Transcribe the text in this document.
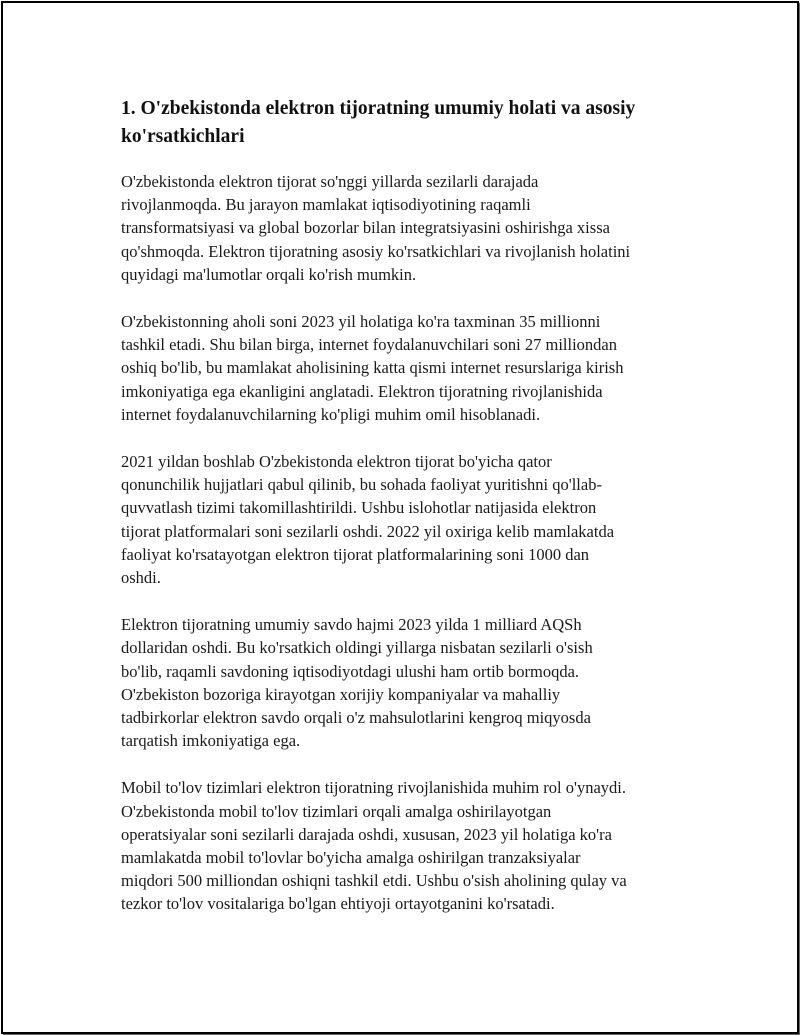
1. O'zbekistonda elektron tijoratning umumiy holati va asosiy ko'rsatkichlari

O'zbekistonda elektron tijorat so'nggi yillarda sezilarli darajada
rivojlanmoqda. Bu jarayon mamlakat iqtisodiyotining raqamli
transformatsiyasi va global bozorlar bilan integratsiyasini oshirishga xissa
qo'shmoqda. Elektron tijoratning asosiy ko'rsatkichlari va rivojlanish holatini
quyidagi ma'lumotlar orqali ko'rish mumkin.

O'zbekistonning aholi soni 2023 yil holatiga ko'ra taxminan 35 millionni
tashkil etadi. Shu bilan birga, internet foydalanuvchilari soni 27 milliondan
oshiq bo'lib, bu mamlakat aholisining katta qismi internet resurslariga kirish
imkoniyatiga ega ekanligini anglatadi. Elektron tijoratning rivojlanishida
internet foydalanuvchilarning ko'pligi muhim omil hisoblanadi.

2021 yildan boshlab O'zbekistonda elektron tijorat bo'yicha qator
qonunchilik hujjatlari qabul qilinib, bu sohada faoliyat yuritishni qo'llab-
quvvatlash tizimi takomillashtirildi. Ushbu islohotlar natijasida elektron
tijorat platformalari soni sezilarli oshdi. 2022 yil oxiriga kelib mamlakatda
faoliyat ko'rsatayotgan elektron tijorat platformalarining soni 1000 dan
oshdi.

Elektron tijoratning umumiy savdo hajmi 2023 yilda 1 milliard AQSh
dollaridan oshdi. Bu ko'rsatkich oldingi yillarga nisbatan sezilarli o'sish
bo'lib, raqamli savdoning iqtisodiyotdagi ulushi ham ortib bormoqda.
O'zbekiston bozoriga kirayotgan xorijiy kompaniyalar va mahalliy
tadbirkorlar elektron savdo orqali o'z mahsulotlarini kengroq miqyosda
tarqatish imkoniyatiga ega.

Mobil to'lov tizimlari elektron tijoratning rivojlanishida muhim rol o'ynaydi.
O'zbekistonda mobil to'lov tizimlari orqali amalga oshirilayotgan
operatsiyalar soni sezilarli darajada oshdi, xususan, 2023 yil holatiga ko'ra
mamlakatda mobil to'lovlar bo'yicha amalga oshirilgan tranzaksiyalar
miqdori 500 milliondan oshiqni tashkil etdi. Ushbu o'sish aholining qulay va
tezkor to'lov vositalariga bo'lgan ehtiyoji ortayotganini ko'rsatadi.
